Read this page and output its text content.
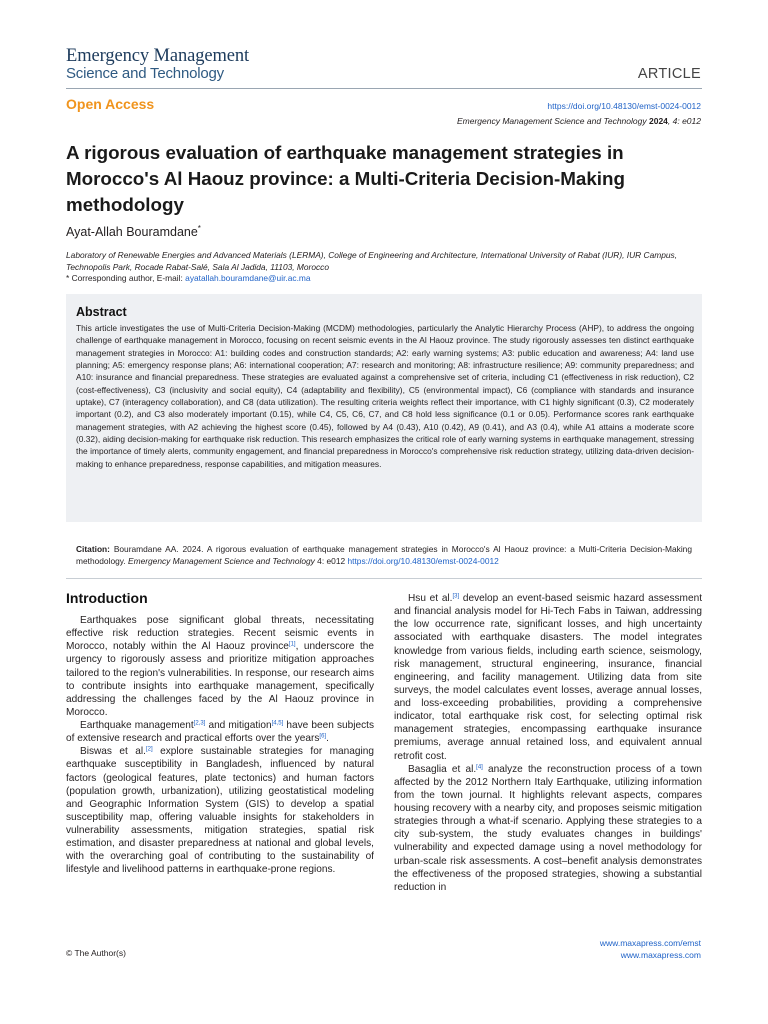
Emergency Management
Science and Technology	ARTICLE
Open Access	https://doi.org/10.48130/emst-0024-0012
Emergency Management Science and Technology 2024, 4: e012
A rigorous evaluation of earthquake management strategies in Morocco's Al Haouz province: a Multi-Criteria Decision-Making methodology
Ayat-Allah Bouramdane*
Laboratory of Renewable Energies and Advanced Materials (LERMA), College of Engineering and Architecture, International University of Rabat (IUR), IUR Campus, Technopolis Park, Rocade Rabat-Salé, Sala Al Jadida, 11103, Morocco
* Corresponding author, E-mail: ayatallah.bouramdane@uir.ac.ma
Abstract

This article investigates the use of Multi-Criteria Decision-Making (MCDM) methodologies, particularly the Analytic Hierarchy Process (AHP), to address the ongoing challenge of earthquake management in Morocco, focusing on recent seismic events in the Al Haouz province. The study rigorously assesses ten distinct earthquake management strategies in Morocco: A1: building codes and construction standards; A2: early warning systems; A3: public education and awareness; A4: land use planning; A5: emergency response plans; A6: international cooperation; A7: research and monitoring; A8: infrastructure resilience; A9: community preparedness; and A10: insurance and financial preparedness. These strategies are evaluated against a comprehensive set of criteria, including C1 (effectiveness in risk reduction), C2 (cost-effectiveness), C3 (inclusivity and social equity), C4 (adaptability and flexibility), C5 (environmental impact), C6 (compliance with standards and insurance uptake), C7 (interagency collaboration), and C8 (data utilization). The resulting criteria weights reflect their importance, with C1 highly significant (0.3), C2 moderately important (0.2), and C3 also moderately important (0.15), while C4, C5, C6, C7, and C8 hold less significance (0.1 or 0.05). Performance scores rank earthquake management strategies, with A2 achieving the highest score (0.45), followed by A4 (0.43), A10 (0.42), A9 (0.41), and A3 (0.4), while A1 attains a moderate score (0.32), aiding decision-making for earthquake risk reduction. This research emphasizes the critical role of early warning systems in earthquake management, stressing the importance of timely alerts, community engagement, and financial preparedness in Morocco's comprehensive risk reduction strategy, utilizing data-driven decision-making to enhance preparedness, response capabilities, and mitigation measures.

Citation: Bouramdane AA. 2024. A rigorous evaluation of earthquake management strategies in Morocco's Al Haouz province: a Multi-Criteria Decision-Making methodology. Emergency Management Science and Technology 4: e012 https://doi.org/10.48130/emst-0024-0012

Introduction

Earthquakes pose significant global threats, necessitating effective risk reduction strategies. Recent seismic events in Morocco, notably within the Al Haouz province[1], underscore the urgency to rigorously assess and prioritize mitigation approaches tailored to the region's vulnerabilities. In response, our research aims to contribute insights into earthquake management, specifically addressing the challenges faced by the Al Haouz province in Morocco.

Earthquake management[2,3] and mitigation[4,5] have been subjects of extensive research and practical efforts over the years[6].

Biswas et al.[2] explore sustainable strategies for managing earthquake susceptibility in Bangladesh, influenced by natural factors (geological features, plate tectonics) and human factors (population growth, urbanization), utilizing geostatistical modeling and Geographic Information System (GIS) to develop a spatial susceptibility map, offering valuable insights for stakeholders in vulnerability assessments, mitigation strategies, spatial risk estimation, and disaster preparedness at national and global levels, with the overarching goal of contributing to the sustainability of lifestyle and livelihood patterns in earthquake-prone regions.

Hsu et al.[3] develop an event-based seismic hazard assessment and financial analysis model for Hi-Tech Fabs in Taiwan, addressing the low occurrence rate, significant losses, and high uncertainty associated with earthquake disasters. The model integrates knowledge from various fields, including earth science, seismology, risk management, structural engineering, insurance, financial engineering, and facility management. Utilizing data from site surveys, the model calculates event losses, average annual losses, and loss-exceeding probabilities, providing a comprehensive indicator, total earthquake risk cost, for selecting optimal risk management strategies, encompassing earthquake insurance premiums, average annual retained loss, and equivalent annual retrofit cost.

Basaglia et al.[4] analyze the reconstruction process of a town affected by the 2012 Northern Italy Earthquake, utilizing information from the town journal. It highlights relevant aspects, compares housing recovery with a nearby city, and proposes seismic mitigation strategies through a what-if scenario. Applying these strategies to a city sub-system, the study evaluates changes in buildings' vulnerability and expected damage using a novel methodology for urban-scale risk assessments. A cost–benefit analysis demonstrates the effectiveness of the proposed strategies, showing a substantial reduction in

© The Author(s)
www.maxapress.com/emst
www.maxapress.com
